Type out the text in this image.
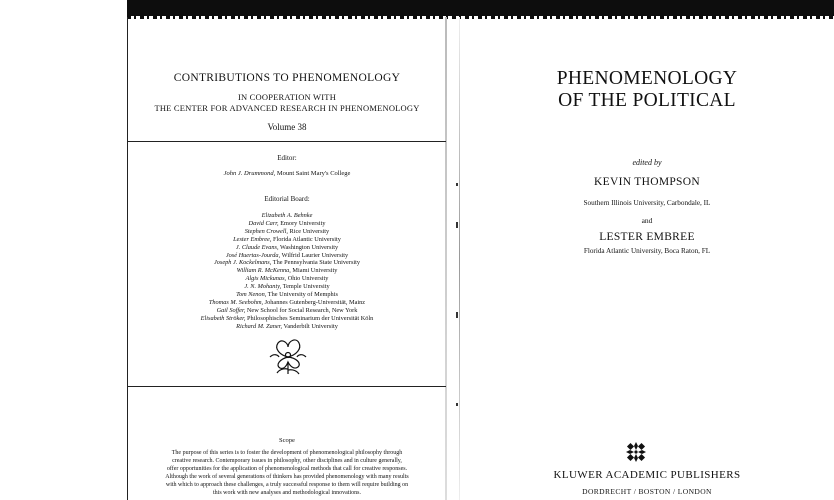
CONTRIBUTIONS TO PHENOMENOLOGY
IN COOPERATION WITH
THE CENTER FOR ADVANCED RESEARCH IN PHENOMENOLOGY
Volume 38
Editor:
John J. Drummond, Mount Saint Mary's College
Editorial Board:
Elizabeth A. Behnke
David Carr, Emory University
Stephen Crowell, Rice University
Lester Embree, Florida Atlantic University
J. Claude Evans, Washington University
José Huertas-Jourda, Wilfrid Laurier University
Joseph J. Kockelmans, The Pennsylvania State University
William R. McKenna, Miami University
Algis Mickunas, Ohio University
J. N. Mohanty, Temple University
Tom Nenon, The University of Memphis
Thomas M. Seebohm, Johannes Gutenberg-Universität, Mainz
Gail Soffer, New School for Social Research, New York
Elisabeth Ströker, Philosophisches Seminarium der Universität Köln
Richard M. Zaner, Vanderbilt University
Scope
The purpose of this series is to foster the development of phenomenological philosophy through
creative research. Contemporary issues in philosophy, other disciplines and in culture generally,
offer opportunities for the application of phenomenological methods that call for creative responses.
Although the work of several generations of thinkers has provided phenomenology with many results
with which to approach these challenges, a truly successful response to them will require building on
this work with new analyses and methodological innovations.
PHENOMENOLOGY
OF THE POLITICAL
edited by
KEVIN THOMPSON
Southern Illinois University, Carbondale, IL
and
LESTER EMBREE
Florida Atlantic University, Boca Raton, FL
KLUWER ACADEMIC PUBLISHERS
DORDRECHT / BOSTON / LONDON
